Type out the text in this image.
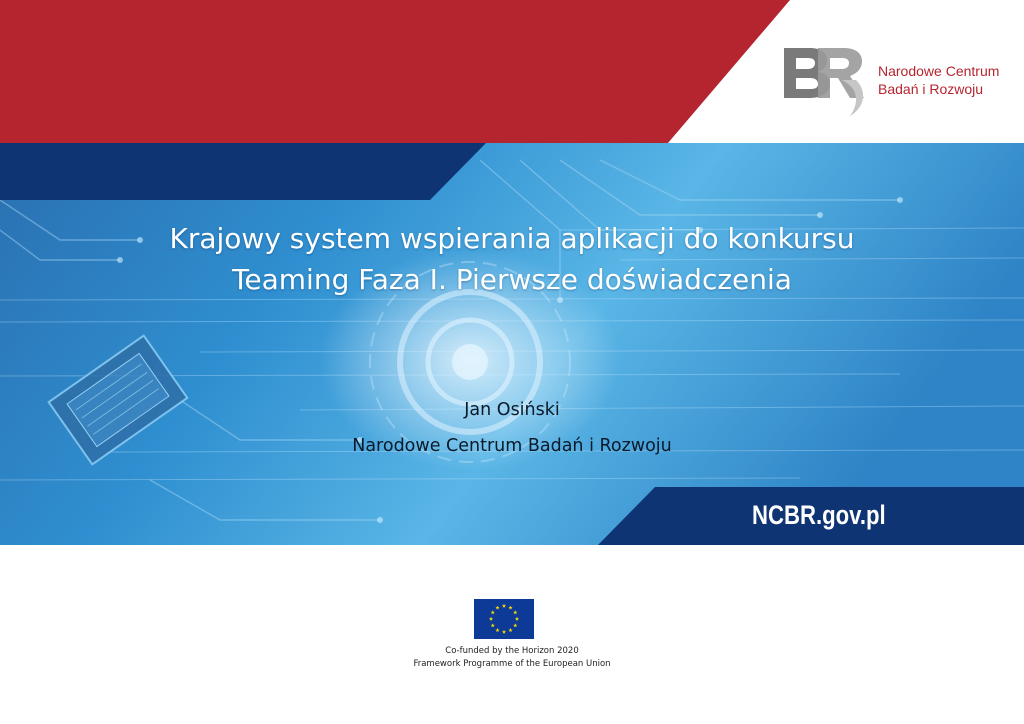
Narodowe Centrum
Badań i Rozwoju
Krajowy system wspierania aplikacji do konkursu
Teaming Faza I. Pierwsze doświadczenia
Jan Osiński
Narodowe Centrum Badań i Rozwoju
NCBR.gov.pl
Co-funded by the Horizon 2020
Framework Programme of the European Union
